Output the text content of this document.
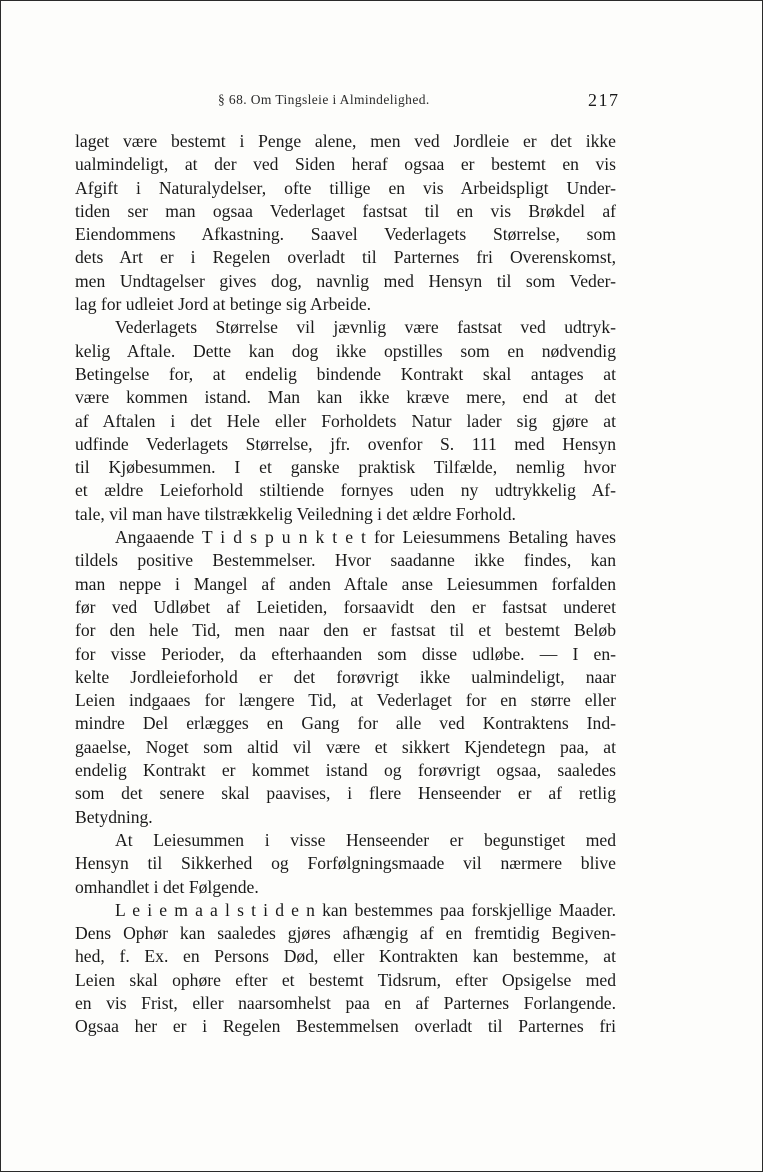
§ 68. Om Tingsleie i Almindelighed.	217
laget være bestemt i Penge alene, men ved Jordleie er det ikke
ualmindeligt, at der ved Siden heraf ogsaa er bestemt en vis
Afgift i Naturalydelser, ofte tillige en vis Arbeidspligt Under-
tiden ser man ogsaa Vederlaget fastsat til en vis Brøkdel af
Eiendommens Afkastning. Saavel Vederlagets Størrelse, som
dets Art er i Regelen overladt til Parternes fri Overenskomst,
men Undtagelser gives dog, navnlig med Hensyn til som Veder-
lag for udleiet Jord at betinge sig Arbeide.
Vederlagets Størrelse vil jævnlig være fastsat ved udtryk-
kelig Aftale. Dette kan dog ikke opstilles som en nødvendig
Betingelse for, at endelig bindende Kontrakt skal antages at
være kommen istand. Man kan ikke kræve mere, end at det
af Aftalen i det Hele eller Forholdets Natur lader sig gjøre at
udfinde Vederlagets Størrelse, jfr. ovenfor S. 111 med Hensyn
til Kjøbesummen. I et ganske praktisk Tilfælde, nemlig hvor
et ældre Leieforhold stiltiende fornyes uden ny udtrykkelig Af-
tale, vil man have tilstrækkelig Veiledning i det ældre Forhold.
Angaaende T i d s p u n k t e t for Leiesummens Betaling haves
tildels positive Bestemmelser. Hvor saadanne ikke findes, kan
man neppe i Mangel af anden Aftale anse Leiesummen forfalden
før ved Udløbet af Leietiden, forsaavidt den er fastsat underet
for den hele Tid, men naar den er fastsat til et bestemt Beløb
for visse Perioder, da efterhaanden som disse udløbe. — I en-
kelte Jordleieforhold er det forøvrigt ikke ualmindeligt, naar
Leien indgaaes for længere Tid, at Vederlaget for en større eller
mindre Del erlægges en Gang for alle ved Kontraktens Ind-
gaaelse, Noget som altid vil være et sikkert Kjendetegn paa, at
endelig Kontrakt er kommet istand og forøvrigt ogsaa, saaledes
som det senere skal paavises, i flere Henseender er af retlig
Betydning.
At Leiesummen i visse Henseender er begunstiget med
Hensyn til Sikkerhed og Forfølgningsmaade vil nærmere blive
omhandlet i det Følgende.
L e i e m a a l s t i d e n kan bestemmes paa forskjellige Maader.
Dens Ophør kan saaledes gjøres afhængig af en fremtidig Begiven-
hed, f. Ex. en Persons Død, eller Kontrakten kan bestemme, at
Leien skal ophøre efter et bestemt Tidsrum, efter Opsigelse med
en vis Frist, eller naarsomhelst paa en af Parternes Forlangende.
Ogsaa her er i Regelen Bestemmelsen overladt til Parternes fri
